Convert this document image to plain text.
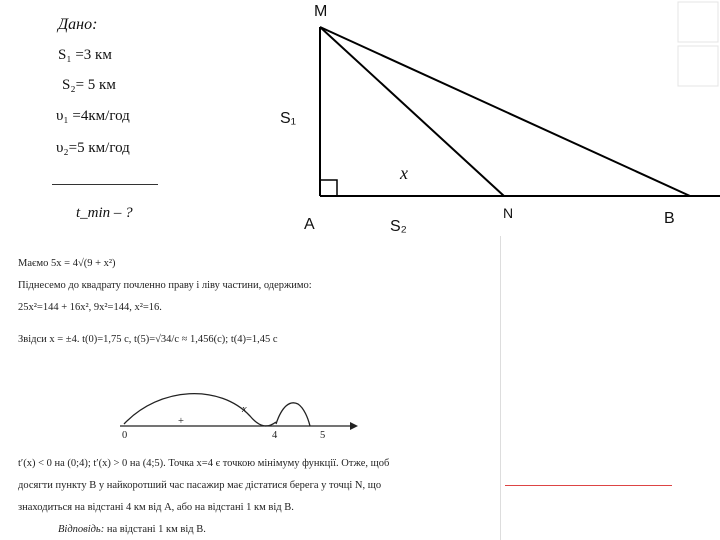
Дано:
S₁ =3 км
S₂= 5 км
υ₁ =4км/год
υ₂=5 км/год
t_min – ?
M
S₁
x
A	S₂
N	B
Маємо 5x = 4√(9 + x²)
Піднесемо до квадрату почленно праву і ліву частини, одержимо:
25x²=144 + 16x², 9x²=144, x²=16.
Звідси x = ±4. t(0)=1,75 c, t(5)=√34/c ≈ 1,456(c); t(4)=1,45 c
x
+
0	4	5
t′(x) < 0 на (0;4); t′(x) > 0 на (4;5). Точка x=4 є точкою мінімуму функції. Отже, щоб
досягти пункту В у найкоротший час пасажир має дістатися берега у точці N, що
знаходиться на відстані 4 км від А, або на відстані 1 км від В.
Відповідь: на відстані 1 км від В.
